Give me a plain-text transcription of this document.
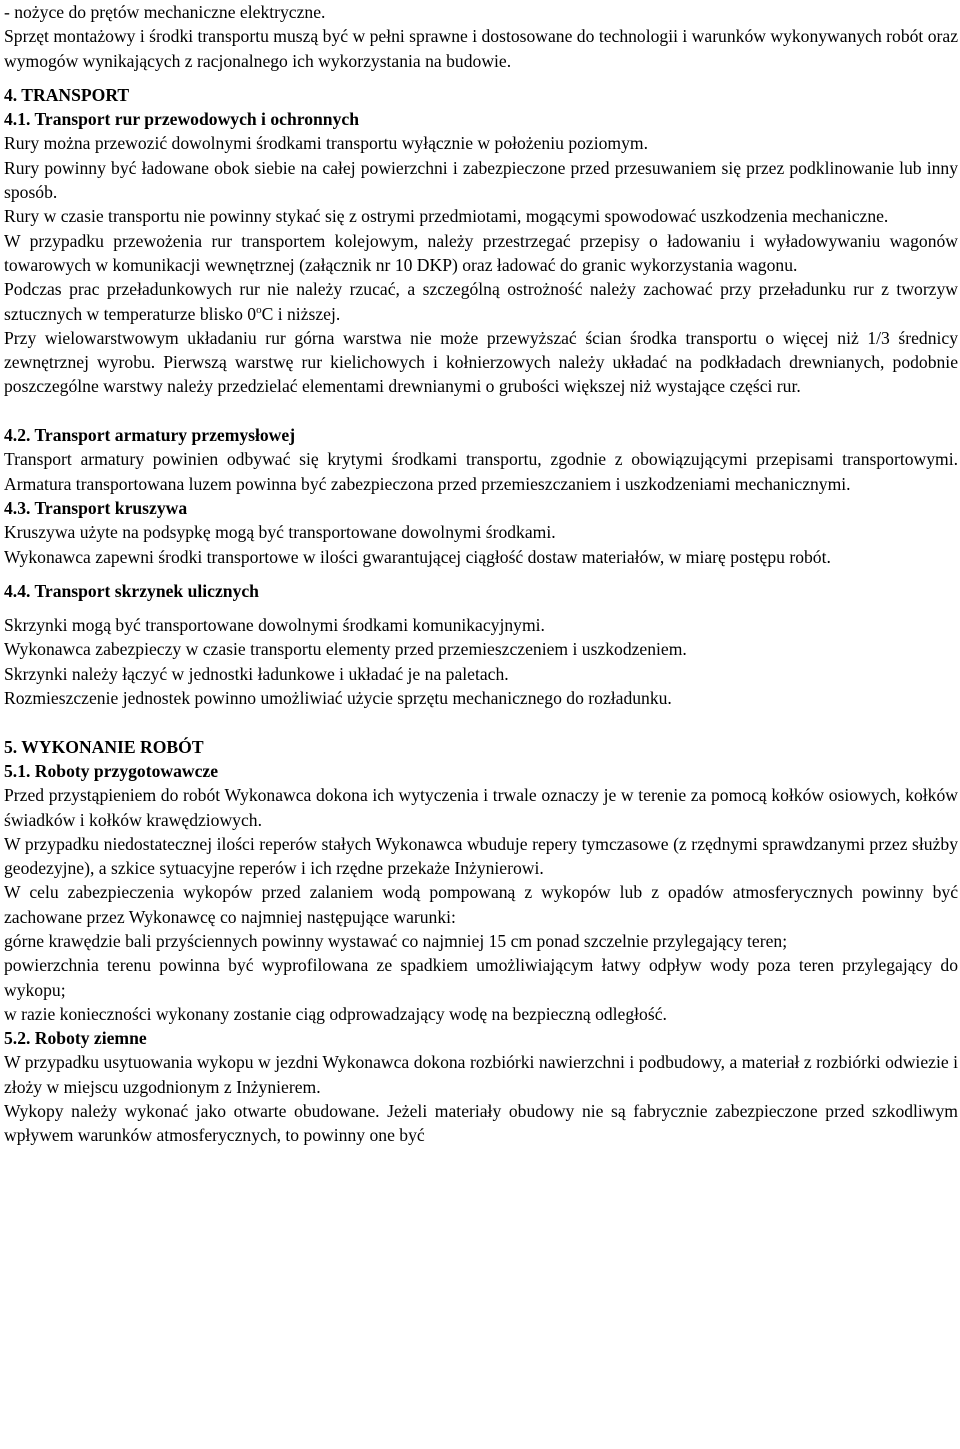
- nożyce do prętów mechaniczne elektryczne.

Sprzęt montażowy i środki transportu muszą być w pełni sprawne i dostosowane do technologii i warunków wykonywanych robót oraz wymogów wynikających z racjonalnego ich wykorzystania na budowie.

4. TRANSPORT

4.1. Transport rur przewodowych i ochronnych

Rury można przewozić dowolnymi środkami transportu wyłącznie w położeniu poziomym.

Rury powinny być ładowane obok siebie na całej powierzchni i zabezpieczone przed przesuwaniem się przez podklinowanie lub inny sposób.

Rury w czasie transportu nie powinny stykać się z ostrymi przedmiotami, mogącymi spowodować uszkodzenia mechaniczne.

W przypadku przewożenia rur transportem kolejowym, należy przestrzegać przepisy o ładowaniu i wyładowywaniu wagonów towarowych w komunikacji wewnętrznej (załącznik nr 10 DKP) oraz ładować do granic wykorzystania wagonu.

Podczas prac przeładunkowych rur nie należy rzucać, a szczególną ostrożność należy zachować przy przeładunku rur z tworzyw sztucznych w temperaturze blisko 0$^o$C i niższej.

Przy wielowarstwowym układaniu rur górna warstwa nie może przewyższać ścian środka transportu o więcej niż 1/3 średnicy zewnętrznej wyrobu. Pierwszą warstwę rur kielichowych i kołnierzowych należy układać na podkładach drewnianych, podobnie poszczególne warstwy należy przedzielać elementami drewnianymi o grubości większej niż wystające części rur.

4.2. Transport armatury przemysłowej

Transport armatury powinien odbywać się krytymi środkami transportu, zgodnie z obowiązującymi przepisami transportowymi. Armatura transportowana luzem powinna być zabezpieczona przed przemieszczaniem i uszkodzeniami mechanicznymi.

4.3. Transport kruszywa

Kruszywa użyte na podsypkę mogą być transportowane dowolnymi środkami.

Wykonawca zapewni środki transportowe w ilości gwarantującej ciągłość dostaw materiałów, w miarę postępu robót.

4.4. Transport skrzynek ulicznych

Skrzynki mogą być transportowane dowolnymi środkami komunikacyjnymi.

Wykonawca zabezpieczy w czasie transportu elementy przed przemieszczeniem i uszkodzeniem.

Skrzynki należy łączyć w jednostki ładunkowe i układać je na paletach.

Rozmieszczenie jednostek powinno umożliwiać użycie sprzętu mechanicznego do rozładunku.

5. WYKONANIE ROBÓT

5.1. Roboty przygotowawcze

Przed przystąpieniem do robót Wykonawca dokona ich wytyczenia i trwale oznaczy je w terenie za pomocą kołków osiowych, kołków świadków i kołków krawędziowych.

W przypadku niedostatecznej ilości reperów stałych Wykonawca wbuduje repery tymczasowe (z rzędnymi sprawdzanymi przez służby geodezyjne), a szkice sytuacyjne reperów i ich rzędne przekaże Inżynierowi.

W celu zabezpieczenia wykopów przed zalaniem wodą pompowaną z wykopów lub z opadów atmosferycznych powinny być zachowane przez Wykonawcę co najmniej następujące warunki:

górne krawędzie bali przyściennych powinny wystawać co najmniej 15 cm ponad szczelnie przylegający teren;

powierzchnia terenu powinna być wyprofilowana ze spadkiem umożliwiającym łatwy odpływ wody poza teren przylegający do wykopu;

w razie konieczności wykonany zostanie ciąg odprowadzający wodę na bezpieczną odległość.

5.2. Roboty ziemne

W przypadku usytuowania wykopu w jezdni Wykonawca dokona rozbiórki nawierzchni i podbudowy, a materiał z rozbiórki odwiezie i złoży w miejscu uzgodnionym z Inżynierem.

Wykopy należy wykonać jako otwarte obudowane. Jeżeli materiały obudowy nie są fabrycznie zabezpieczone przed szkodliwym wpływem warunków atmosferycznych, to powinny one być
